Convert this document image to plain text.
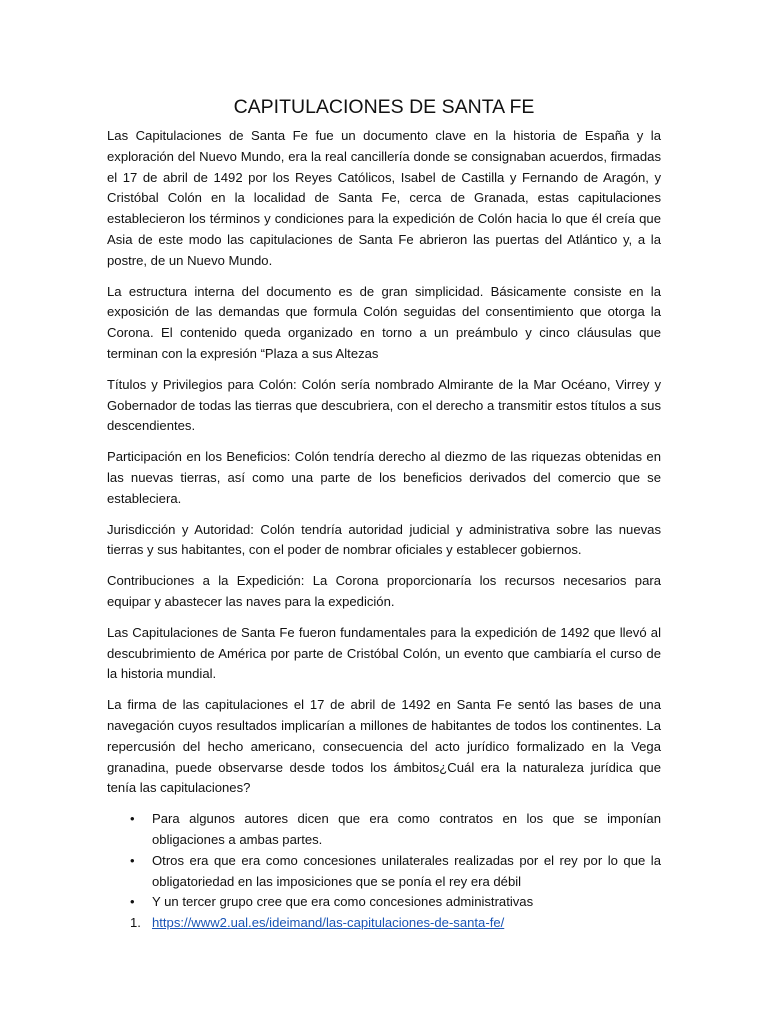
CAPITULACIONES DE SANTA FE

Las Capitulaciones de Santa Fe fue un documento clave en la historia de España y la exploración del Nuevo Mundo, era la real cancillería donde se consignaban acuerdos, firmadas el 17 de abril de 1492 por los Reyes Católicos, Isabel de Castilla y Fernando de Aragón, y Cristóbal Colón en la localidad de Santa Fe, cerca de Granada, estas capitulaciones establecieron los términos y condiciones para la expedición de Colón hacia lo que él creía que Asia de este modo las capitulaciones de Santa Fe abrieron las puertas del Atlántico y, a la postre, de un Nuevo Mundo.

La estructura interna del documento es de gran simplicidad. Básicamente consiste en la exposición de las demandas que formula Colón seguidas del consentimiento que otorga la Corona. El contenido queda organizado en torno a un preámbulo y cinco cláusulas que terminan con la expresión “Plaza a sus Altezas

Títulos y Privilegios para Colón: Colón sería nombrado Almirante de la Mar Océano, Virrey y Gobernador de todas las tierras que descubriera, con el derecho a transmitir estos títulos a sus descendientes.

Participación en los Beneficios: Colón tendría derecho al diezmo de las riquezas obtenidas en las nuevas tierras, así como una parte de los beneficios derivados del comercio que se estableciera.

Jurisdicción y Autoridad: Colón tendría autoridad judicial y administrativa sobre las nuevas tierras y sus habitantes, con el poder de nombrar oficiales y establecer gobiernos.

Contribuciones a la Expedición: La Corona proporcionaría los recursos necesarios para equipar y abastecer las naves para la expedición.

Las Capitulaciones de Santa Fe fueron fundamentales para la expedición de 1492 que llevó al descubrimiento de América por parte de Cristóbal Colón, un evento que cambiaría el curso de la historia mundial.

La firma de las capitulaciones el 17 de abril de 1492 en Santa Fe sentó las bases de una navegación cuyos resultados implicarían a millones de habitantes de todos los continentes. La repercusión del hecho americano, consecuencia del acto jurídico formalizado en la Vega granadina, puede observarse desde todos los ámbitos¿Cuál era la naturaleza jurídica que tenía las capitulaciones?

• Para algunos autores dicen que era como contratos en los que se imponían obligaciones a ambas partes.
• Otros era que era como concesiones unilaterales realizadas por el rey por lo que la obligatoriedad en las imposiciones que se ponía el rey era débil
• Y un tercer grupo cree que era como concesiones administrativas

1. https://www2.ual.es/ideimand/las-capitulaciones-de-santa-fe/
